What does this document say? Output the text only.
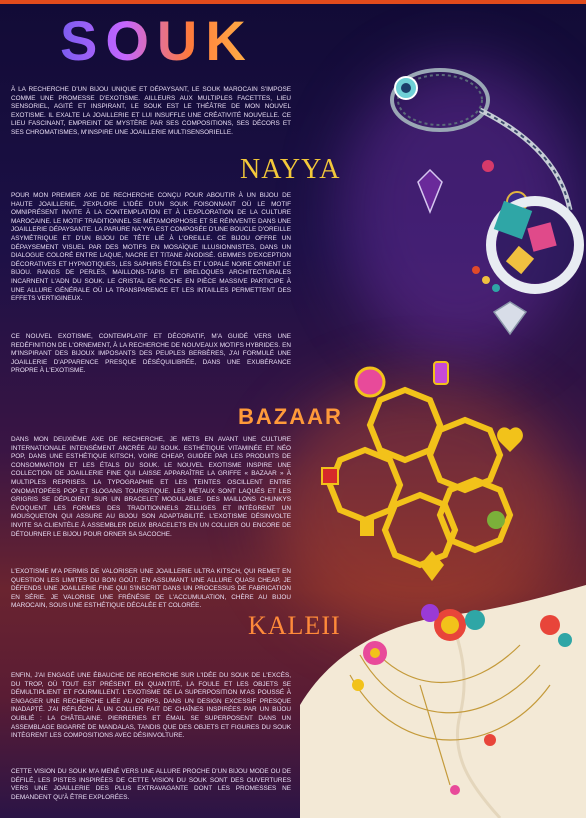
SOUK

À LA RECHERCHE D'UN BIJOU UNIQUE ET DÉPAYSANT, LE SOUK MAROCAIN S'IMPOSE COMME UNE PROMESSE D'EXOTISME. AILLEURS AUX MULTIPLES FACETTES, LIEU SENSORIEL, AGITÉ ET INSPIRANT, LE SOUK EST LE THÉÂTRE DE MON NOUVEL EXOTISME. IL EXALTE LA JOAILLERIE ET LUI INSUFFLE UNE CRÉATIVITÉ NOUVELLE. CE LIEU FASCINANT, EMPREINT DE MYSTÈRE PAR SES COMPOSITIONS, SES DÉCORS ET SES CHROMATISMES, M'INSPIRE UNE JOAILLERIE MULTISENSORIELLE.

NAYYA

POUR MON PREMIER AXE DE RECHERCHE CONÇU POUR ABOUTIR À UN BIJOU DE HAUTE JOAILLERIE, J'EXPLORE L'IDÉE D'UN SOUK FOISONNANT OÙ LE MOTIF OMNIPRÉSENT INVITE À LA CONTEMPLATION ET À L'EXPLORATION DE LA CULTURE MAROCAINE. LE MOTIF TRADITIONNEL SE MÉTAMORPHOSE ET SE RÉINVENTE DANS UNE JOAILLERIE DÉPAYSANTE. LA PARURE NA'YYA EST COMPOSÉE D'UNE BOUCLE D'OREILLE ASYMÉTRIQUE ET D'UN BIJOU DE TÊTE LIÉ À L'OREILLE. CE BIJOU OFFRE UN DÉPAYSEMENT VISUEL PAR DES MOTIFS EN MOSAÏQUE ILLUSIONNISTES, DANS UN DIALOGUE COLORÉ ENTRE LAQUE, NACRE ET TITANE ANODISÉ. GEMMES D'EXCEPTION DÉCORATIVES ET HYPNOTIQUES, LES SAPHIRS ÉTOILÉS ET L'OPALE NOIRE ORNENT LE BIJOU. RANGS DE PERLES, MAILLONS-TAPIS ET BRELOQUES ARCHITECTURALES INCARNENT L'ADN DU SOUK. LE CRISTAL DE ROCHE EN PIÈCE MASSIVE PARTICIPE À UNE ALLURE GÉNÉRALE OÙ LA TRANSPARENCE ET LES INTAILLES PERMETTENT DES EFFETS VERTIGINEUX.

CE NOUVEL EXOTISME, CONTEMPLATIF ET DÉCORATIF, M'A GUIDÉ VERS UNE REDÉFINITION DE L'ORNEMENT, À LA RECHERCHE DE NOUVEAUX MOTIFS HYBRIDES. EN M'INSPIRANT DES BIJOUX IMPOSANTS DES PEUPLES BERBÈRES, J'AI FORMULÉ UNE JOAILLERIE D'APPARENCE PRESQUE DÉSÉQUILIBRÉE, DANS UNE EXUBÉRANCE PROPRE À L'EXOTISME.

BAZAAR

DANS MON DEUXIÈME AXE DE RECHERCHE, JE METS EN AVANT UNE CULTURE INTERNATIONALE INTENSÉMENT ANCRÉE AU SOUK. ESTHÉTIQUE VITAMINÉE ET NÉO POP, DANS UNE ESTHÉTIQUE KITSCH, VOIRE CHEAP, GUIDÉE PAR LES PRODUITS DE CONSOMMATION ET LES ÉTALS DU SOUK. LE NOUVEL EXOTISME INSPIRE UNE COLLECTION DE JOAILLERIE FINE QUI LAISSE APPARAÎTRE LA GRIFFE « BAZAAR » À MULTIPLES REPRISES. LA TYPOGRAPHIE ET LES TEINTES OSCILLENT ENTRE ONOMATOPÉES POP ET SLOGANS TOURISTIQUE. LES MÉTAUX SONT LAQUÉS ET LES GRIGRIS SE DÉPLOIENT SUR UN BRACELET MODULABLE. DES MAILLONS CHUNKYS ÉVOQUENT LES FORMES DES TRADITIONNELS ZELLIGES ET INTÈGRENT UN MOUSQUETON QUI ASSURE AU BIJOU SON ADAPTABILITÉ. L'EXOTISME DÉSINVOLTE INVITE SA CLIENTÈLE À ASSEMBLER DEUX BRACELETS EN UN COLLIER OU ENCORE DE DÉTOURNER LE BIJOU POUR ORNER SA SACOCHE.

L'EXOTISME M'A PERMIS DE VALORISER UNE JOAILLERIE ULTRA KITSCH, QUI REMET EN QUESTION LES LIMITES DU BON GOÛT. EN ASSUMANT UNE ALLURE QUASI CHEAP, JE DÉFENDS UNE JOAILLERIE FINE QUI S'INSCRIT DANS UN PROCESSUS DE FABRICATION EN SÉRIE. JE VALORISE UNE FRÉNÉSIE DE L'ACCUMULATION, CHÈRE AU BIJOU MAROCAIN, SOUS UNE ESTHÉTIQUE DÉCALÉE ET COLORÉE.

KALEII

ENFIN, J'AI ENGAGÉ UNE ÉBAUCHE DE RECHERCHE SUR L'IDÉE DU SOUK DE L'EXCÈS, DU TROP, OÙ TOUT EST PRÉSENT EN QUANTITÉ, LA FOULE ET LES OBJETS SE DÉMULTIPLIENT ET FOURMILLENT. L'EXOTISME DE LA SUPERPOSITION M'AS POUSSÉ À ENGAGER UNE RECHERCHE LIÉE AU CORPS, DANS UN DESIGN EXCESSIF PRESQUE INADAPTÉ. J'AI RÉFLÉCHI À UN COLLIER FAIT DE CHAÎNES INSPIRÉES PAR UN BIJOU OUBLIÉ : LA CHÂTELAINE. PIERRERIES ET ÉMAIL SE SUPERPOSENT DANS UN ASSEMBLAGE BIGARRÉ DE MANDALAS, TANDIS QUE DES OBJETS ET FIGURES DU SOUK INTÈGRENT LES COMPOSITIONS AVEC DÉSINVOLTURE.

CETTE VISION DU SOUK M'A MENÉ VERS UNE ALLURE PROCHE D'UN BIJOU MODE OU DE DÉFILÉ, LES PISTES INSPIRÉES DE CETTE VISION DU SOUK SONT DES OUVERTURES VERS UNE JOAILLERIE DES PLUS EXTRAVAGANTE DONT LES PROMESSES NE DEMANDENT QU'À ÊTRE EXPLORÉES.
